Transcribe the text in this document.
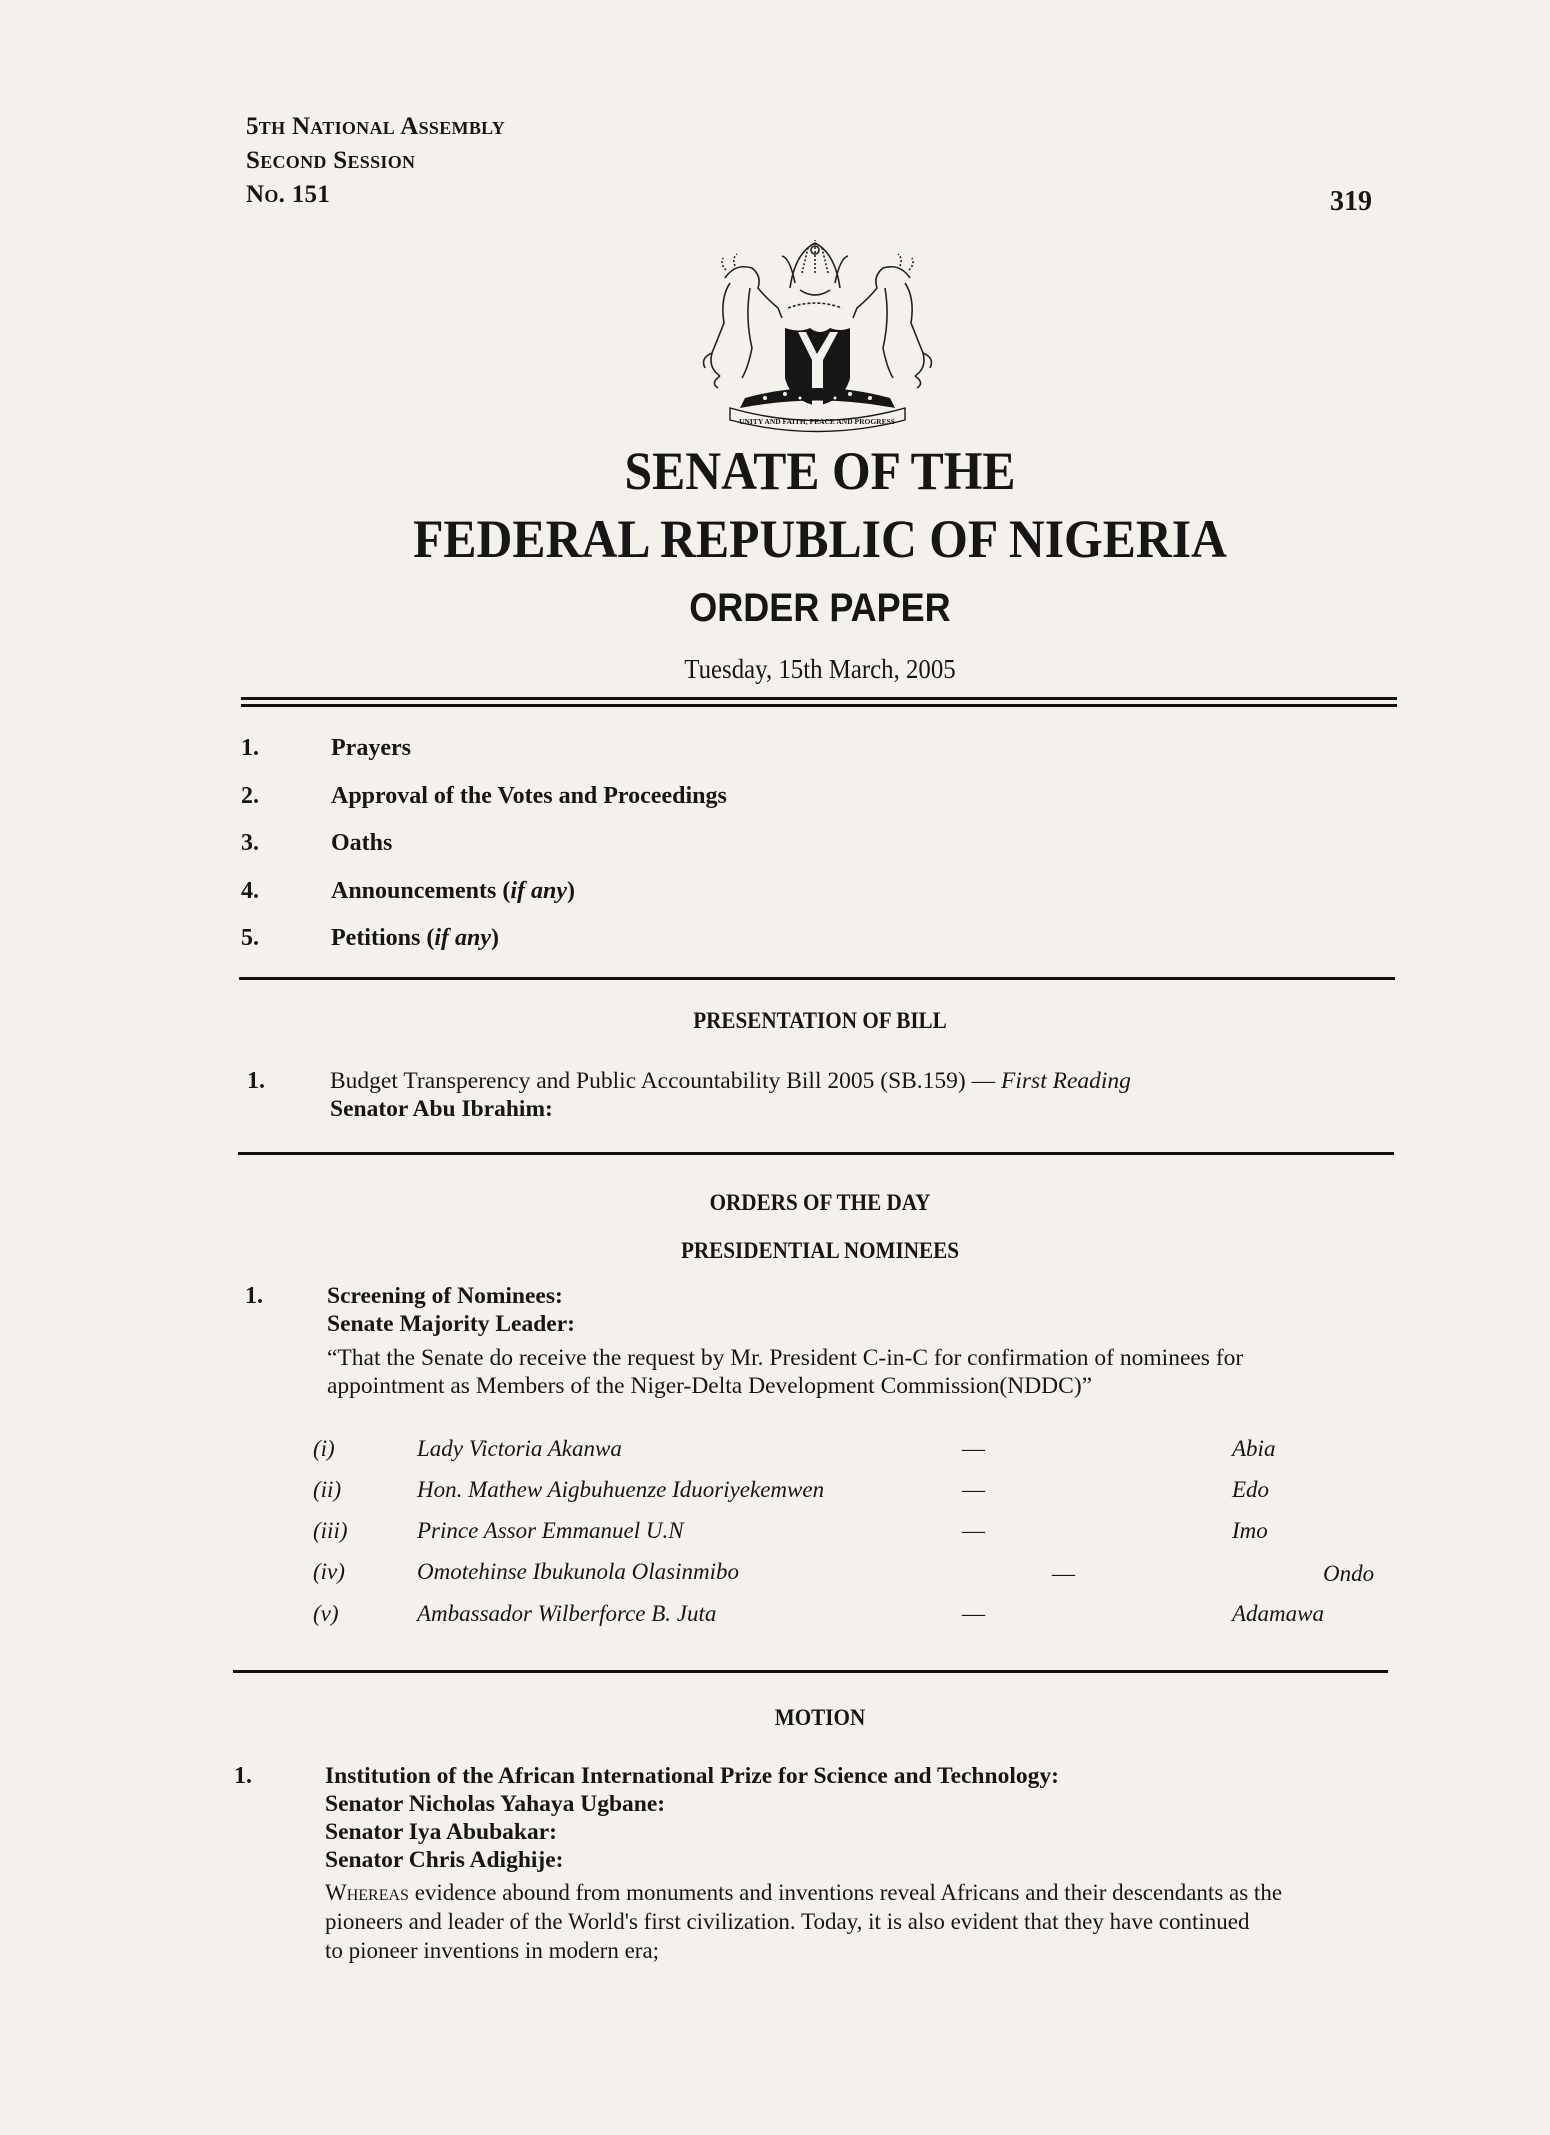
5th National Assembly
Second Session
No. 151	319
UNITY AND FAITH, PEACE AND PROGRESS
SENATE OF THE
FEDERAL REPUBLIC OF NIGERIA
ORDER PAPER
Tuesday, 15th March, 2005
1.	Prayers
2.	Approval of the Votes and Proceedings
3.	Oaths
4.	Announcements (if any)
5.	Petitions (if any)
PRESENTATION OF BILL
1.	Budget Transperency and Public Accountability Bill 2005 (SB.159) — First Reading
Senator Abu Ibrahim:
ORDERS OF THE DAY
PRESIDENTIAL NOMINEES
1.	Screening of Nominees:
Senate Majority Leader:
“That the Senate do receive the request by Mr. President C-in-C for confirmation of nominees for
appointment as Members of the Niger-Delta Development Commission(NDDC)”
(i)	Lady Victoria Akanwa	—	Abia
(ii)	Hon. Mathew Aigbuhuenze Iduoriyekemwen	—	Edo
(iii)	Prince Assor Emmanuel U.N	—	Imo
(iv)	Omotehinse Ibukunola Olasinmibo	—	Ondo
(v)	Ambassador Wilberforce B. Juta	—	Adamawa
MOTION
1.	Institution of the African International Prize for Science and Technology:
Senator Nicholas Yahaya Ugbane:
Senator Iya Abubakar:
Senator Chris Adighije:
Whereas evidence abound from monuments and inventions reveal Africans and their descendants as the
pioneers and leader of the World's first civilization. Today, it is also evident that they have continued
to pioneer inventions in modern era;
